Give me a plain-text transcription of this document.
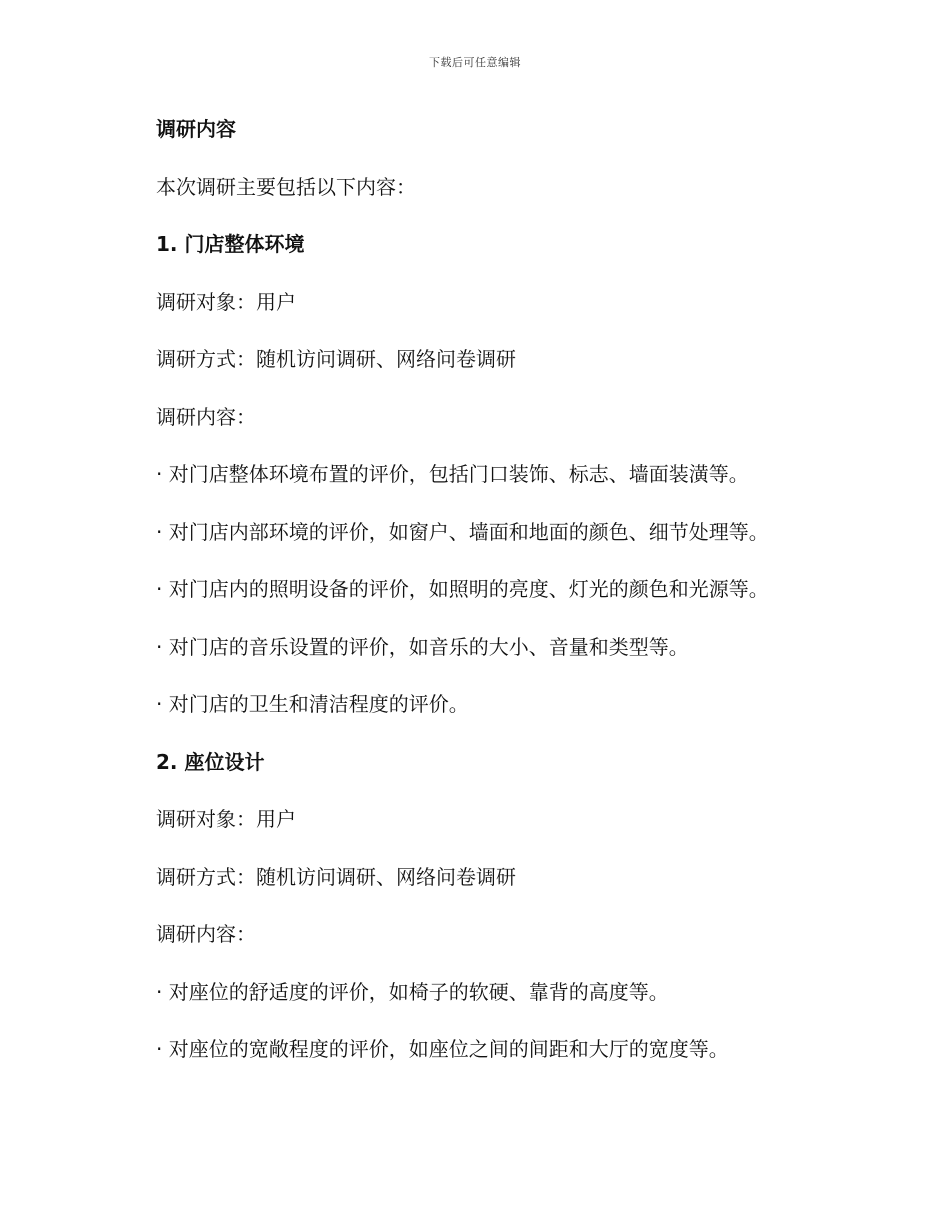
下载后可任意编辑
调研内容
本次调研主要包括以下内容：
1. 门店整体环境
调研对象：用户
调研方式：随机访问调研、网络问卷调研
调研内容：
· 对门店整体环境布置的评价，包括门口装饰、标志、墙面装潢等。
· 对门店内部环境的评价，如窗户、墙面和地面的颜色、细节处理等。
· 对门店内的照明设备的评价，如照明的亮度、灯光的颜色和光源等。
· 对门店的音乐设置的评价，如音乐的大小、音量和类型等。
· 对门店的卫生和清洁程度的评价。
2. 座位设计
调研对象：用户
调研方式：随机访问调研、网络问卷调研
调研内容：
· 对座位的舒适度的评价，如椅子的软硬、靠背的高度等。
· 对座位的宽敞程度的评价，如座位之间的间距和大厅的宽度等。
